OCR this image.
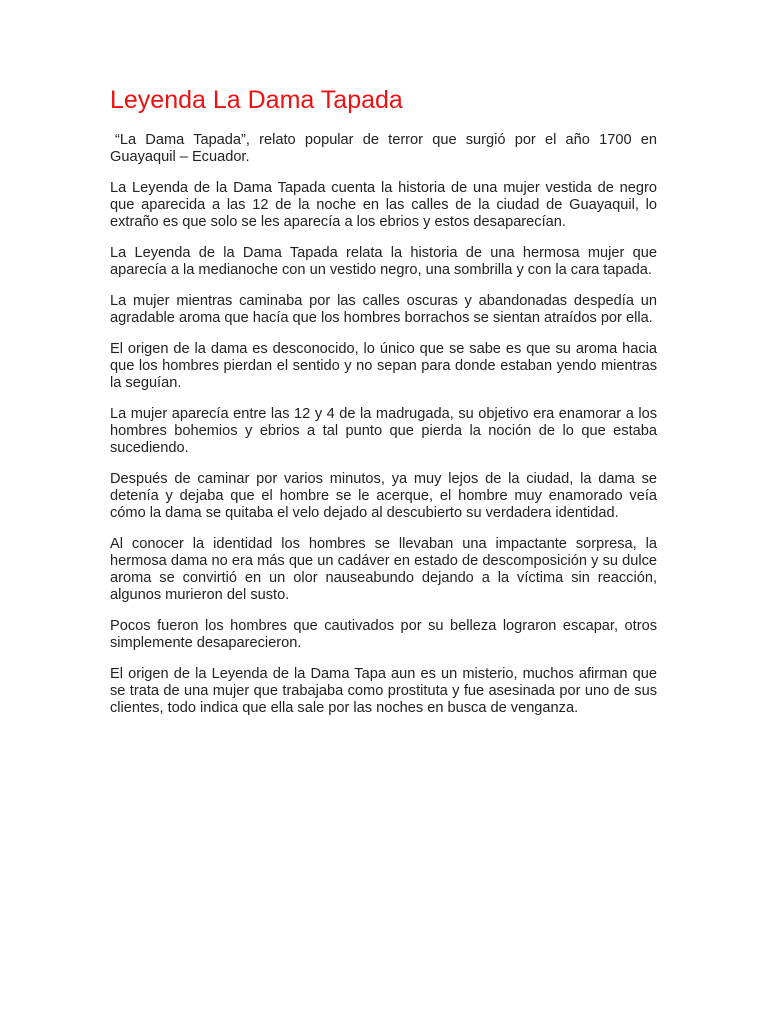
Leyenda La Dama Tapada

“La Dama Tapada”, relato popular de terror que surgió por el año 1700 en Guayaquil – Ecuador.

La Leyenda de la Dama Tapada cuenta la historia de una mujer vestida de negro que aparecida a las 12 de la noche en las calles de la ciudad de Guayaquil, lo extraño es que solo se les aparecía a los ebrios y estos desaparecían.

La Leyenda de la Dama Tapada relata la historia de una hermosa mujer que aparecía a la medianoche con un vestido negro, una sombrilla y con la cara tapada.

La mujer mientras caminaba por las calles oscuras y abandonadas despedía un agradable aroma que hacía que los hombres borrachos se sientan atraídos por ella.

El origen de la dama es desconocido, lo único que se sabe es que su aroma hacia que los hombres pierdan el sentido y no sepan para donde estaban yendo mientras la seguían.

La mujer aparecía entre las 12 y 4 de la madrugada, su objetivo era enamorar a los hombres bohemios y ebrios a tal punto que pierda la noción de lo que estaba sucediendo.

Después de caminar por varios minutos, ya muy lejos de la ciudad, la dama se detenía y dejaba que el hombre se le acerque, el hombre muy enamorado veía cómo la dama se quitaba el velo dejado al descubierto su verdadera identidad.

Al conocer la identidad los hombres se llevaban una impactante sorpresa, la hermosa dama no era más que un cadáver en estado de descomposición y su dulce aroma se convirtió en un olor nauseabundo dejando a la víctima sin reacción, algunos murieron del susto.

Pocos fueron los hombres que cautivados por su belleza lograron escapar, otros simplemente desaparecieron.

El origen de la Leyenda de la Dama Tapa aun es un misterio, muchos afirman que se trata de una mujer que trabajaba como prostituta y fue asesinada por uno de sus clientes, todo indica que ella sale por las noches en busca de venganza.
